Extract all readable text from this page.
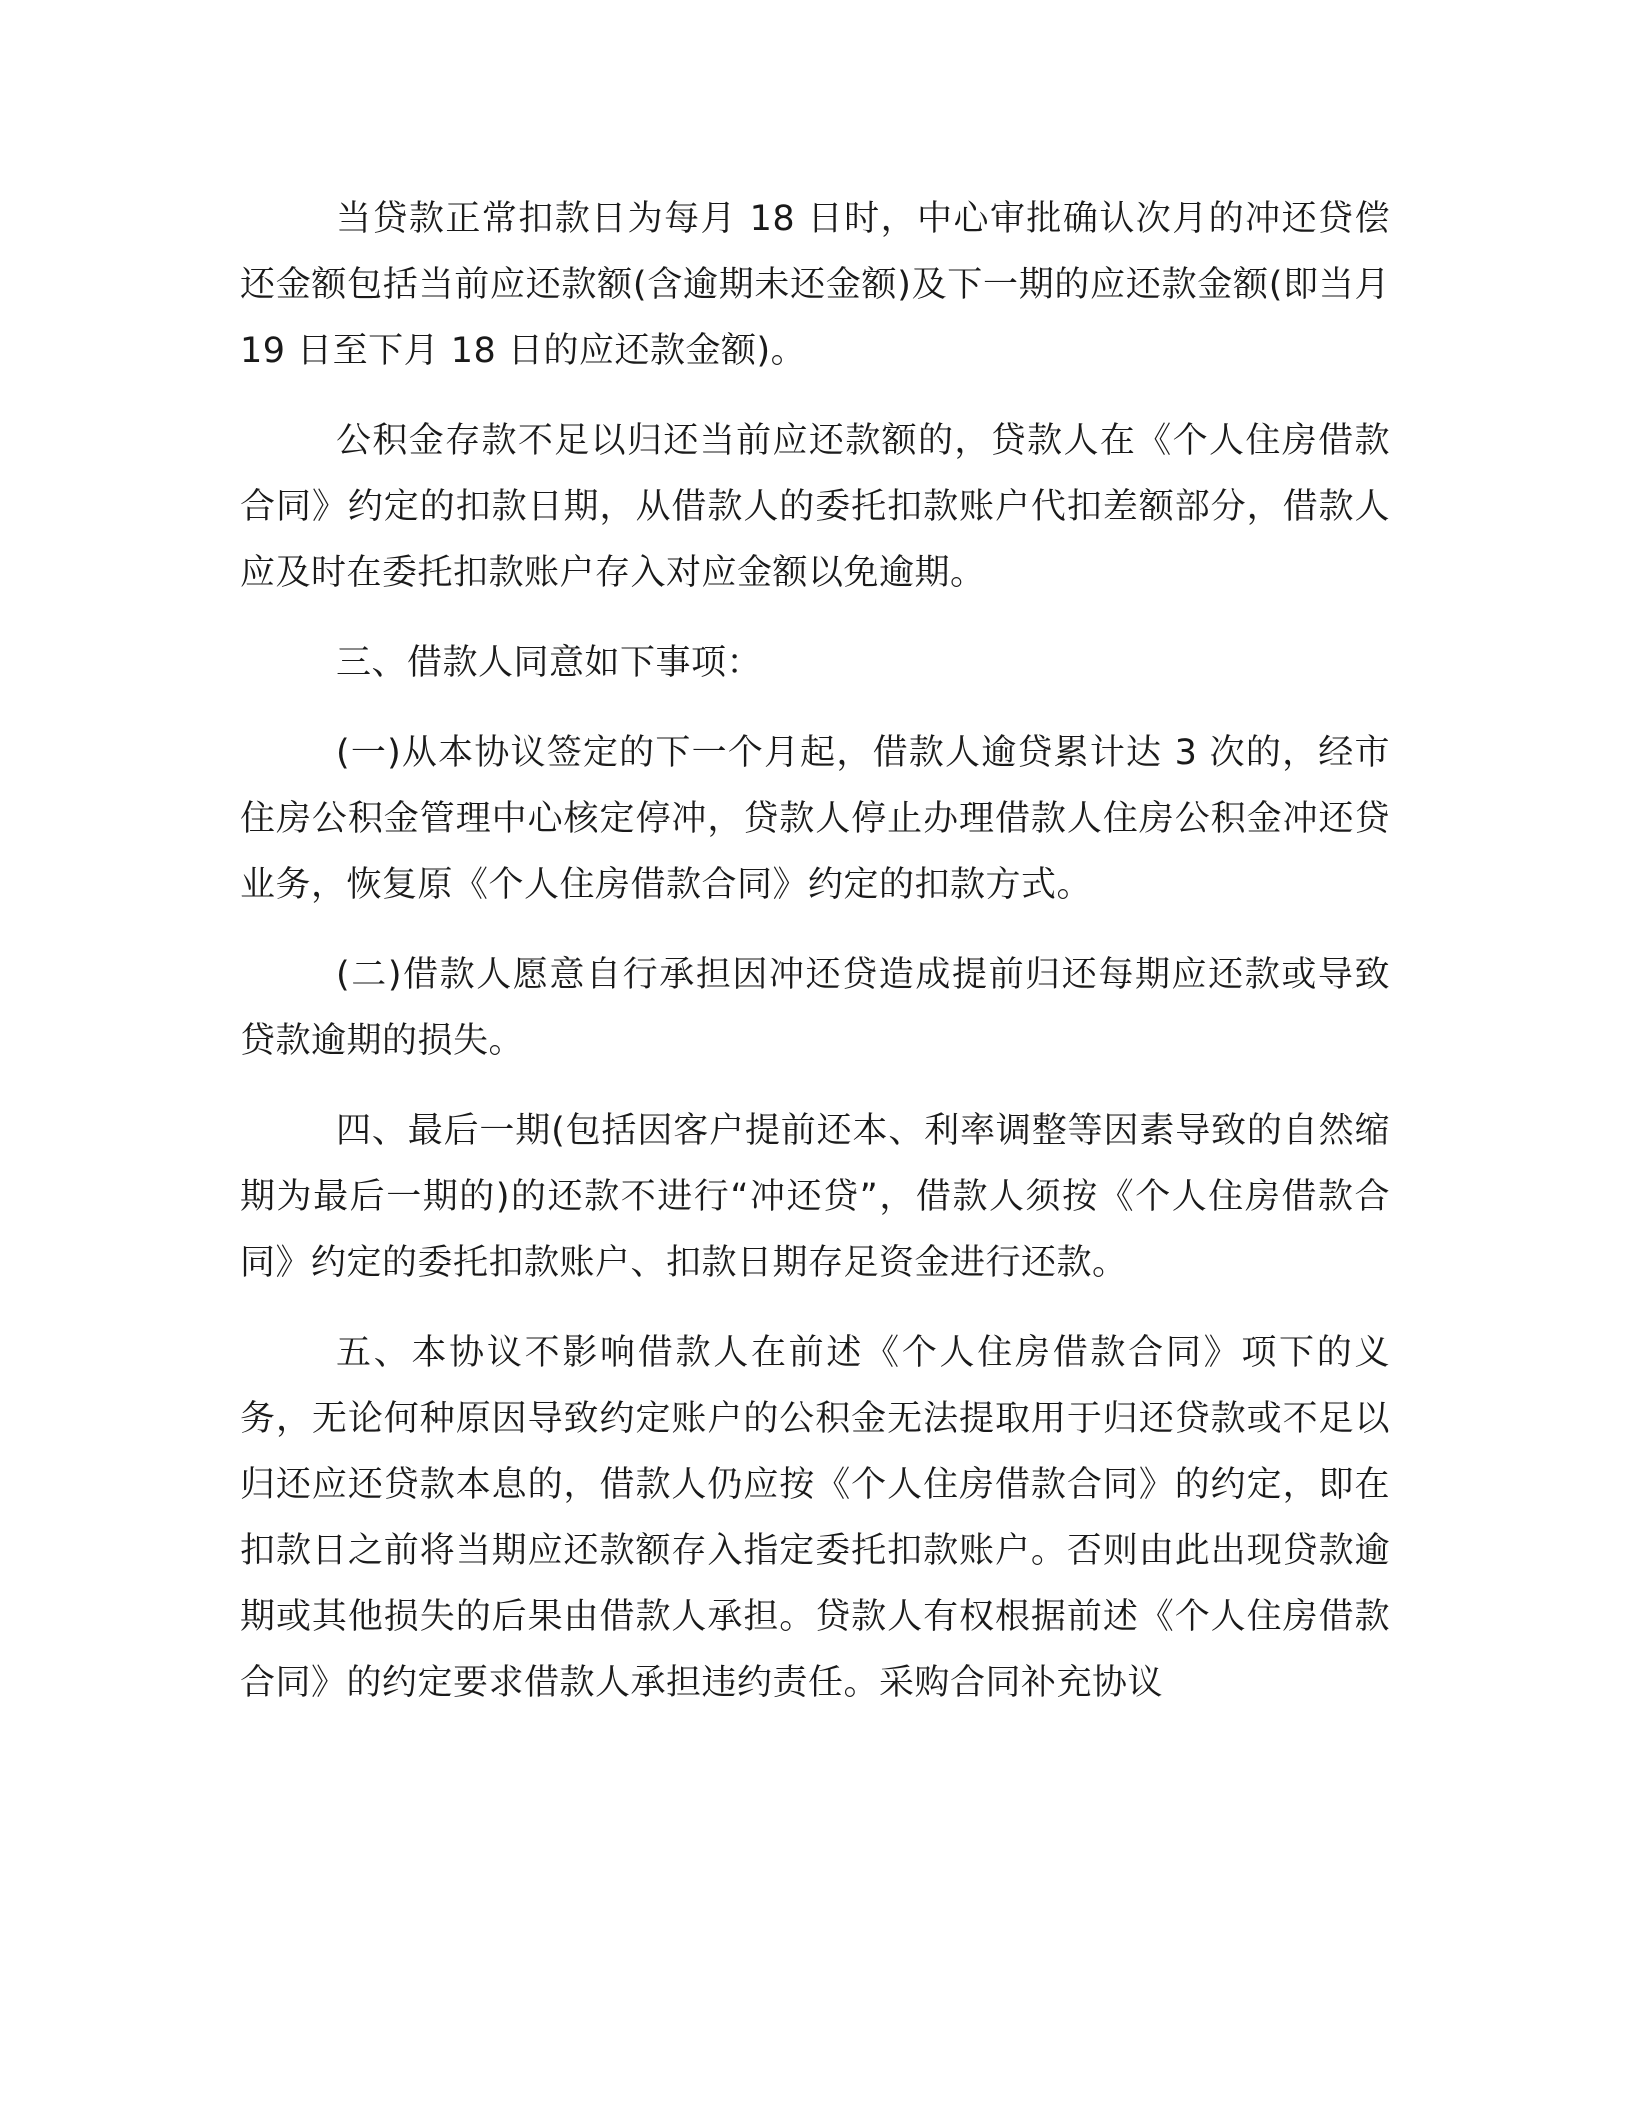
当贷款正常扣款日为每月 18 日时，中心审批确认次月的冲还贷偿还金额包括当前应还款额(含逾期未还金额)及下一期的应还款金额(即当月 19 日至下月 18 日的应还款金额)。

公积金存款不足以归还当前应还款额的，贷款人在《个人住房借款合同》约定的扣款日期，从借款人的委托扣款账户代扣差额部分，借款人应及时在委托扣款账户存入对应金额以免逾期。

三、借款人同意如下事项：

(一)从本协议签定的下一个月起，借款人逾贷累计达 3 次的，经市住房公积金管理中心核定停冲，贷款人停止办理借款人住房公积金冲还贷业务，恢复原《个人住房借款合同》约定的扣款方式。

(二)借款人愿意自行承担因冲还贷造成提前归还每期应还款或导致贷款逾期的损失。

四、最后一期(包括因客户提前还本、利率调整等因素导致的自然缩期为最后一期的)的还款不进行“冲还贷”，借款人须按《个人住房借款合同》约定的委托扣款账户、扣款日期存足资金进行还款。

五、本协议不影响借款人在前述《个人住房借款合同》项下的义务，无论何种原因导致约定账户的公积金无法提取用于归还贷款或不足以归还应还贷款本息的，借款人仍应按《个人住房借款合同》的约定，即在扣款日之前将当期应还款额存入指定委托扣款账户。否则由此出现贷款逾期或其他损失的后果由借款人承担。贷款人有权根据前述《个人住房借款合同》的约定要求借款人承担违约责任。采购合同补充协议
